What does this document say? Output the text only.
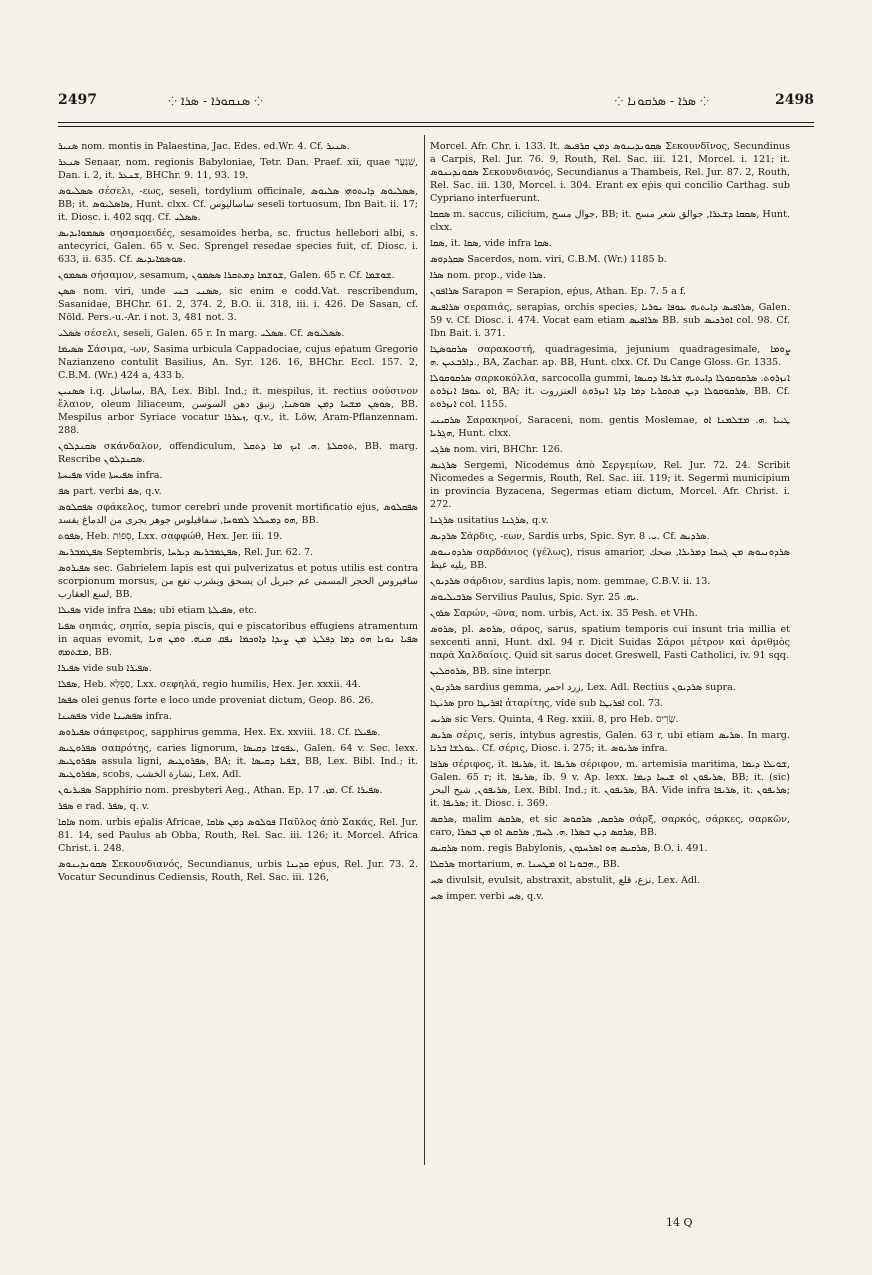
2497	⁘ ܣܢܩܘܪܐ - ܣܪܐ ⁘	⁘ ܣܪܐ - ܣܪܩܘܢܐ ⁘	2498

ܣܢܝܪ nom. montis in Palaestina, Jac. Edes. ed.Wr. 4. Cf. ܣܢܝܪ.

ܣܢܥܪ Senaar, nom. regionis Babyloniae, Tetr. Dan. Praef. xii, quae שִׁנְעָר, Dan. i. 2, it. ܫܢܥܪ, BHChr. 9. 11, 93. 19.

ܣܣܠܝܘܣ σέσελι, -εως, seseli, tordylium officinale, ܣܣܠܝܘܣ ܕܐܝܬܘܗܝ ܣܠܝܘܣ, BB; it. ܣܐܣܠܝܘܣ, Hunt. clxx. Cf. ساسالیوس seseli tortuosum, Ibn Bait. ii. 17; it. Diosc. i. 402 sqq. Cf. ܣܣܠܝ.

ܣܣܡܘܐܝܕܝܣ σησαμοειδές, sesamoides herba, sc. fructus hellebori albi, s. antecyrici, Galen. 65 v. Sec. Sprengel resedae species fuit, cf. Diosc. i. 633, ii. 635. Cf. ܣܘܣܡܐܝܕܝܣ.

ܣܣܡܘܢ σήσαμον, sesamum, ܫܘܫܡܐ ܕܡܬܩܪܐ ܣܣܡܘܢ, Galen. 65 r. Cf. ܫܘܫܡܐ.

ܣܣܢ nom. viri, unde ܣܣܢܝ ܒܢܝ, sic enim e codd.Vat. rescribendum, Sasanidae, BHChr. 61. 2, 374. 2, B.O. ii. 318, iii. i. 426. De Sasan, cf. Nöld. Pers.-u.-Ar. i not. 3, 481 not. 3.

ܣܣܠܝ σέσελι, seseli, Galen. 65 r. In marg. ܣܣܠܝ. Cf. ܣܣܠܝܘܣ.

ܣܣܝܡܐ Σάσιμα, -ων, Sasima urbicula Cappadociae, cujus eṗatum Gregorio Nazianzeno contulit Basilius, An. Syr. 126. 16, BHChr. Eccl. 157. 2, C.B.M. (Wr.) 424 a, 433 b.

ܣܣܢܝܢ i.q. ساسانل, BA, Lex. Bibl. Ind.; it. mespilus, it. rectius σούσινον ἔλαιον, oleum liliaceum, ܣܘܣܢ ܡܫܚܐ ܕܡܢ ܣܘܣܢܐ, زنبق دهن السوسن, BB. Mespilus arbor Syriace vocatur ܙܥܪܪܐ, q.v., it. Löw, Aram-Pflanzennam. 288.

ܣܩܢܕܠܘܢ σκάνδαλον, offendiculum, ܬܘܩܠܬܐ .ܗ. ܐܝܟ ܡܐ ܕܬܩܠ, BB. marg. Rescribe ܣܩܢܕܠܘܢ.

ܣܦܝܚܬܐ vide ܣܦܝܚܬܐ infra.

ܣܦ part. verbi ܣܦ, q.v.

ܣܦܩܠܘܣ σφάκελος, tumor cerebri unde provenit mortificatio ejus, ܣܦܩܠܘܣ ܗܘ ܕܡܚܠܠ ܠܡܘܚܐ, سفاقیلوس جوهر یجری من الدماغ یفسد, BB.

ܣܦܘܬ, Heb. סְפוֹת, Lxx. σαφφώθ, Hex. Jer. iii. 19.

ܣܦܛܡܒܪܝܣ Septembris, ܣܦܛܡܒܪܝܣ ܕܝܪܚܐ, Rel. Jur. 62. 7.

ܣܦܝܪܘܣ sec. Gabrielem lapis est qui pulverizatus et potus utilis est contra scorpionum morsus, سافیروس الحجر المسمی عم جبریل ان يسحق ويشرب نفع من لسع العقارب, BB.

ܣܦܝܠܐ vide infra ܣܦܠܐ; ubi etiam ܣܦܝܠܬܐ, etc.

ܣܦܝܐ σηπιάς, σηπία, sepia piscis, qui e piscatoribus effugiens atramentum in aquas evomit, ܣܦܝܐ ܢܘܢܐ ܗܘ ܕܡܐ ܕܦܠܛ ܡܢ ܨܝܕܐ ܕܐܘܟܡܐ ܢܦܩ ܡܢܗ. ܘܡܢ ܗܢܐ ܡܫܬܡܗ, BB.

ܣܦܝܪܐ vide sub ܣܦܝܪܐ.

ܣܦܠܐ, Heb. סַפְלָא, Lxx. σεφηλά, regio humilis, Hex. Jer. xxxii. 44.

ܣܦܣܐ olei genus forte e loco unde proveniat dictum, Geop. 86. 26.

ܣܦܣܝܢܐ vide ܣܦܣܝܢܐ infra.

ܣܦܝܪܘܣ σάπφειρος, sapphirus gemma, Hex. Ex. xxviii. 18. Cf. ܣܦܝܠܐ.

ܣܦܪܘܛܝܣ σαπρότης, caries lignorum, ܥܦܘܫܐ ܕܩܝܣܐ, Galen. 64 v. Sec. lexx. ܣܦܪܘܛܝܣ assula ligni, ܣܦܪܘܛܝܣ, BA; it. ܫܦܝܐ ܕܩܝܣܐ, BB, Lex. Bibl. Ind.; it. ܣܦܪܘܛܝܣ, scobs, نشارة الخشب, Lex. Adl.

ܣܦܝܪܝܘܢ Sapphirio nom. presbyteri Aeg., Athan. Ep. ܡܙ. 17. Cf. ܣܦܝܪܐ.

ܣܦܪ e rad. ܣܦܪ, q. v.

ܣܐܩܐ nom. urbis eṗalis Africae, ܦܘܠܘܣ ܕܡܢ ܣܐܩܐ Παῦλος ἀπὸ Σακάς, Rel. Jur. 81. 14, sed Paulus ab Obba, Routh, Rel. Sac. iii. 126; it. Morcel. Africa Christ. i. 248.

ܣܩܘܢܕܝܢܘܣ Σεκουνδιανός, Secundianus, urbis ܩܕܝܢܐ eṗus, Rel. Jur. 73. 2. Vocatur Secundinus Cediensis, Routh, Rel. Sac. iii. 126,

Morcel. Afr. Chr. i. 133. It. ܣܩܘܢܕܝܢܘܣ ܕܡܢ ܩܪܦܝܣ Σεκουνδῖνος, Secundinus a Carpis, Rel. Jur. 76. 9, Routh, Rel. Sac. iii. 121, Morcel. i. 121; it. ܣܩܘܢܕܝܢܘܣ Σεκουνδιανός, Secundianus a Thambeis, Rel. Jur. 87. 2, Routh, Rel. Sac. iii. 130, Morcel. i. 304. Erant ex eṗis qui concilio Carthag. sub Cypriano interfuerunt.

ܣܩܩܐ m. saccus, cilicium, جوال مسح, BB; it. ܣܩܩܐ ܕܫܥܪܐ, جوالق شعر مسح, Hunt. clxx.

ܣܩܐ, it. ܣܩܐ, vide infra ܣܩܐ.

ܣܩܪܕܘܣ Sacerdos, nom. viri, C.B.M. (Wr.) 1185 b.

ܣܪܐ nom. prop., vide ܣܪܐ.

ܣܪܐܦܘܢ Sarapon = Serapion, eṗus, Athan. Ep. 7. 5 a f.

ܣܪܐܦܝܣ σεραπιάς, serapias, orchis species, ܣܪܐܦܝܣ ܕܐܝܬܝܗ ܥܘܦܐ ܢܘܪܝܐ, Galen. 59 v. Cf. Diosc. i. 474. Vocat eam etiam ܣܪܐܦܝܣ BB. sub ܐܘܪܟܝܣ col. 98. Cf. Ibn Bait. i. 371.

ܣܪܩܘܣܛܐ σαρακοστή, quadragesima, jejunium quadragesimale, ܨܘܡܐ ܕܐܪܒܥܝܢ .ܗ., BA, Zachar. ap. BB, Hunt. clxx. Cf. Du Cange Gloss. Gr. 1335.

ܣܪܩܘܩܘܠܐ σαρκοκόλλα, sarcocolla gummi, ܐܢܙܪܘܬ. ܣܪܩܘܩܘܠܐ ܕܐܝܬܝܗ ܫܪܝܦܐ ܕܩܝܣܐ ܐܘ ܥܘܦܐ ܐܢܙܪܘܬ, BA; it. ܣܪܩܘܩܘܠܐ ܕܝܢ ܡܬܩܪܝܐ ܕܡܐ ܕܐܬܐ ܐܢܙܪܘܬ العنزروت, BB. Cf. ܐܢܙܪܘܬ col. 1155.

ܣܪܩܝܢܝ Σαρακηνοί, Saraceni, nom. gentis Moslemae, ܛܝܝܐ .ܗ. ܡܫܠܡܢܐ ܐܘ ܗܓܪܝܐ, Hunt. clxx.

ܣܪܓܝ nom. viri, BHChr. 126.

ܣܪܓܝܣ Sergemi, Nicodemus ἀπὸ Σεργεμίων, Rel. Jur. 72. 24. Scribit Nicomedes a Segermis, Routh, Rel. Sac. iii. 119; it. Segermi municipium in provincia Byzacena, Segermas etiam dictum, Morcel. Afr. Christ. i. 272.

ܣܪܓܢܐ usitatius ܣܪܓܢܐ, q.v.

ܣܪܕܝܣ Σάρδις, -εων, Sardis urbs, Spic. Syr. ܝ. 8. Cf. ܣܪܕܝܣ.

ܣܪܕܘܢܝܘܣ σαρδάνιος (γέλως), risus amarior, ܣܪܕܘܢܝܘܣ ܡܢ ܓܚܟܐ ܕܡܪܝܪܐ, ضحك يليه غيظ, BB.

ܣܪܕܝܘܢ σάρδιον, sardius lapis, nom. gemmae, C.B.V. ii. 13.

ܣܪܒܝܠܝܘܣ Servilius Paulus, Spic. Syr. ܝܗ. 25.

ܣܪܘܢ Σαρών, -ῶνα, nom. urbis, Act. ix. 35 Pesh. et VHh.

ܣܪܘܣ, pl. ܣܪܘܣ, σάρος, sarus, spatium temporis cui insunt tria millia et sexcenti anni, Hunt. dxl. 94 r. Dicit Suidas Σάροι μέτρον καὶ ἀριθμὸς παρὰ Χαλδαίοις. Quid sit sarus docet Greswell, Fasti Catholici, iv. 91 sqq.

ܣܪܘܩܠܝܢ, BB. sine interpr.

ܣܪܕܢܘܢ sardius gemma, زرد احمر, Lex. Adl. Rectius ܣܪܕܝܘܢ supra.

ܣܪܝܛܐ pro ܐܦܪܝܛܐ ἀταρίτης, vide sub ܐܦܪܝܛܐ col. 73.

ܣܪܝܚ sic Vers. Quinta, 4 Reg. xxiii. 8, pro Heb. שָׂרִיס.

ܣܪܝܣ σέρις, seris, intybus agrestis, Galen. 63 r, ubi etiam ܣܪܝܣ. In marg. ܥܘܠܫܐ ܒܪܝܐ. Cf. σέρις, Diosc. i. 275; it. ܣܪܝܘܣ infra.

ܣܪܦܐ σέριφος, it. ܣܪܝܦܐ, it. ܣܪܝܦܐ σέριφον, m. artemisia maritima, ܫܘܝܠܐ ܕܝܡܐ, Galen. 65 r; it. ܣܪܝܦܐ, ib. 9 v. Ap. lexx. ܣܪܝܦܘܢ ܐܘ ܫܝܚܐ ܕܝܡܐ, BB; it. (sic) ܣܪܝܦܘܢ, شیح البحر, Lex. Bibl. Ind.; it. ܣܪܝܦܘܢ, BA. Vide infra ܣܪܝܦܐ, it. ܣܪܝܦܘܢ; it. ܣܪܝܦܐ; it. Diosc. i. 369.

ܣܪܩܣ, malim ܣܪܩܣ, et sic ܣܪܩܣ, ܣܪܩܘܣ σάρξ, σαρκός, σάρκες, σαρκῶν, caro, ܣܪܩܣ ܕܝܢ ܒܣܪܐ .ܗ. ܠܚܡ, ܣܪܩܣ ܐܘ ܡܢ ܒܣܪܐ, BB.

ܣܪܩܝܣ nom. regis Babylonis, ܣܪܩܝܣ ܗܘ ܐܣܪܚܕܘܢ, B.O. i. 491.

ܣܪܩܠܐ mortarium, ܗܒܘܢܐ ܐܘ ܡܛܚܢܐ .ܗ., BB.

ܣܚ divulsit, evulsit, abstraxit, abstulit, نزع، قلع, Lex. Adl.

ܣܚ imper. verbi ܣܚ, q.v.

14 Q
